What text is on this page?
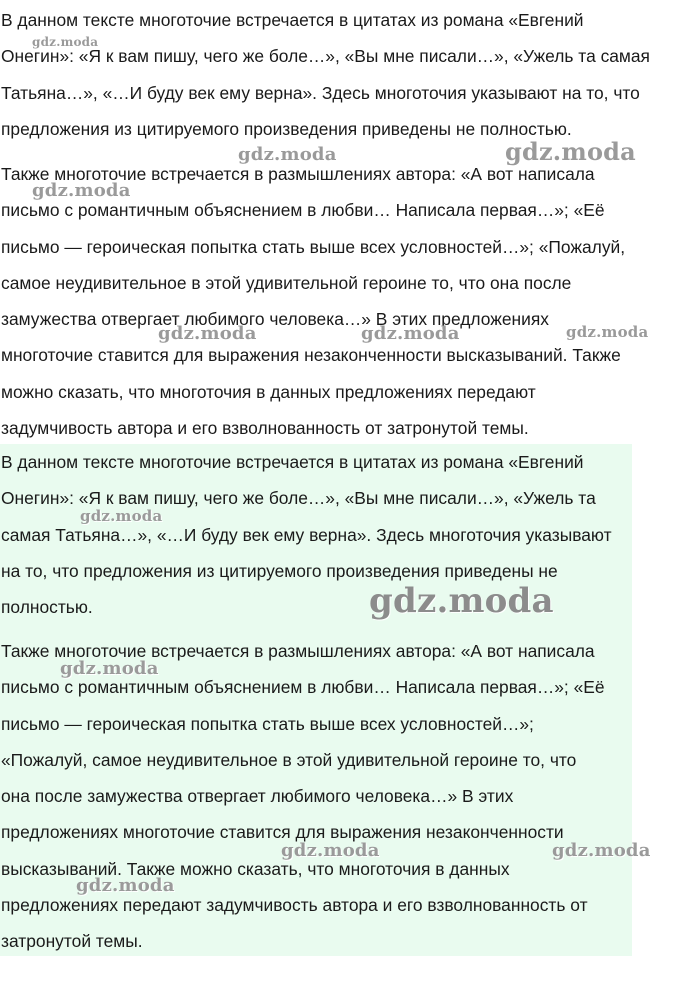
В данном тексте многоточие встречается в цитатах из романа «Евгений
Онегин»: «Я к вам пишу, чего же боле…», «Вы мне писали…», «Ужель та самая
Татьяна…», «…И буду век ему верна». Здесь многоточия указывают на то, что
предложения из цитируемого произведения приведены не полностью.
Также многоточие встречается в размышлениях автора: «А вот написала
письмо с романтичным объяснением в любви… Написала первая…»; «Её
письмо — героическая попытка стать выше всех условностей…»; «Пожалуй,
самое неудивительное в этой удивительной героине то, что она после
замужества отвергает любимого человека…» В этих предложениях
многоточие ставится для выражения незаконченности высказываний. Также
можно сказать, что многоточия в данных предложениях передают
задумчивость автора и его взволнованность от затронутой темы.
В данном тексте многоточие встречается в цитатах из романа «Евгений
Онегин»: «Я к вам пишу, чего же боле…», «Вы мне писали…», «Ужель та
самая Татьяна…», «…И буду век ему верна». Здесь многоточия указывают
на то, что предложения из цитируемого произведения приведены не
полностью.
Также многоточие встречается в размышлениях автора: «А вот написала
письмо с романтичным объяснением в любви… Написала первая…»; «Её
письмо — героическая попытка стать выше всех условностей…»;
«Пожалуй, самое неудивительное в этой удивительной героине то, что
она после замужества отвергает любимого человека…» В этих
предложениях многоточие ставится для выражения незаконченности
высказываний. Также можно сказать, что многоточия в данных
предложениях передают задумчивость автора и его взволнованность от
затронутой темы.
gdz.moda
gdz.moda	gdz.moda
gdz.moda
gdz.moda	gdz.moda	gdz.moda
gdz.moda
gdz.moda
gdz.moda
gdz.moda	gdz.moda
gdz.moda
